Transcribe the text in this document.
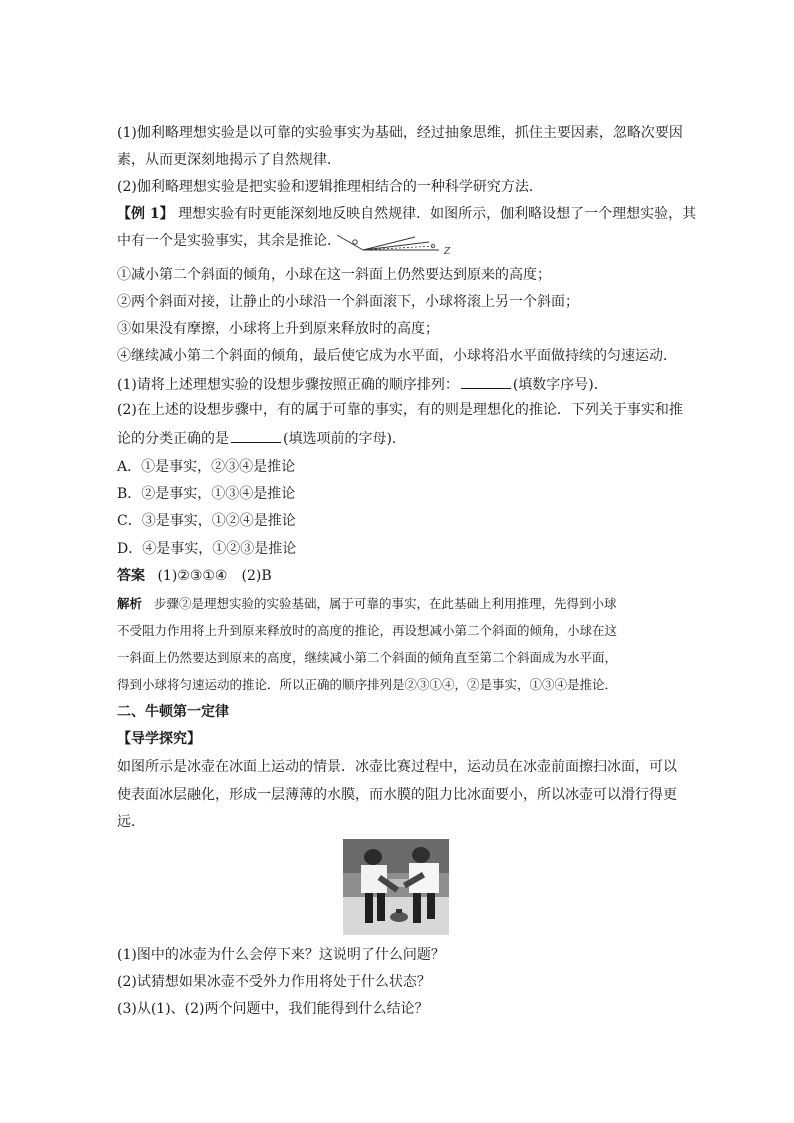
(1)伽利略理想实验是以可靠的实验事实为基础，经过抽象思维，抓住主要因素，忽略次要因
素，从而更深刻地揭示了自然规律．
(2)伽利略理想实验是把实验和逻辑推理相结合的一种科学研究方法．
【例 1】 理想实验有时更能深刻地反映自然规律．如图所示，伽利略设想了一个理想实验，其
中有一个是实验事实，其余是推论．
Z
①减小第二个斜面的倾角，小球在这一斜面上仍然要达到原来的高度；
②两个斜面对接，让静止的小球沿一个斜面滚下，小球将滚上另一个斜面；
③如果没有摩擦，小球将上升到原来释放时的高度；
④继续减小第二个斜面的倾角，最后使它成为水平面，小球将沿水平面做持续的匀速运动．
(1)请将上述理想实验的设想步骤按照正确的顺序排列：	(填数字序号)．
(2)在上述的设想步骤中，有的属于可靠的事实，有的则是理想化的推论．下列关于事实和推
论的分类正确的是	(填选项前的字母)．
A．①是事实，②③④是推论
B．②是事实，①③④是推论
C．③是事实，①②④是推论
D．④是事实，①②③是推论
答案 (1)②③①④　(2)B
解析 步骤②是理想实验的实验基础，属于可靠的事实，在此基础上利用推理，先得到小球
不受阻力作用将上升到原来释放时的高度的推论，再设想减小第二个斜面的倾角，小球在这
一斜面上仍然要达到原来的高度，继续减小第二个斜面的倾角直至第二个斜面成为水平面，
得到小球将匀速运动的推论．所以正确的顺序排列是②③①④，②是事实，①③④是推论．
二、牛顿第一定律
【导学探究】
如图所示是冰壶在冰面上运动的情景．冰壶比赛过程中，运动员在冰壶前面擦扫冰面，可以
使表面冰层融化，形成一层薄薄的水膜，而水膜的阻力比冰面要小，所以冰壶可以滑行得更
远．
(1)图中的冰壶为什么会停下来？这说明了什么问题？
(2)试猜想如果冰壶不受外力作用将处于什么状态？
(3)从(1)、(2)两个问题中，我们能得到什么结论？
